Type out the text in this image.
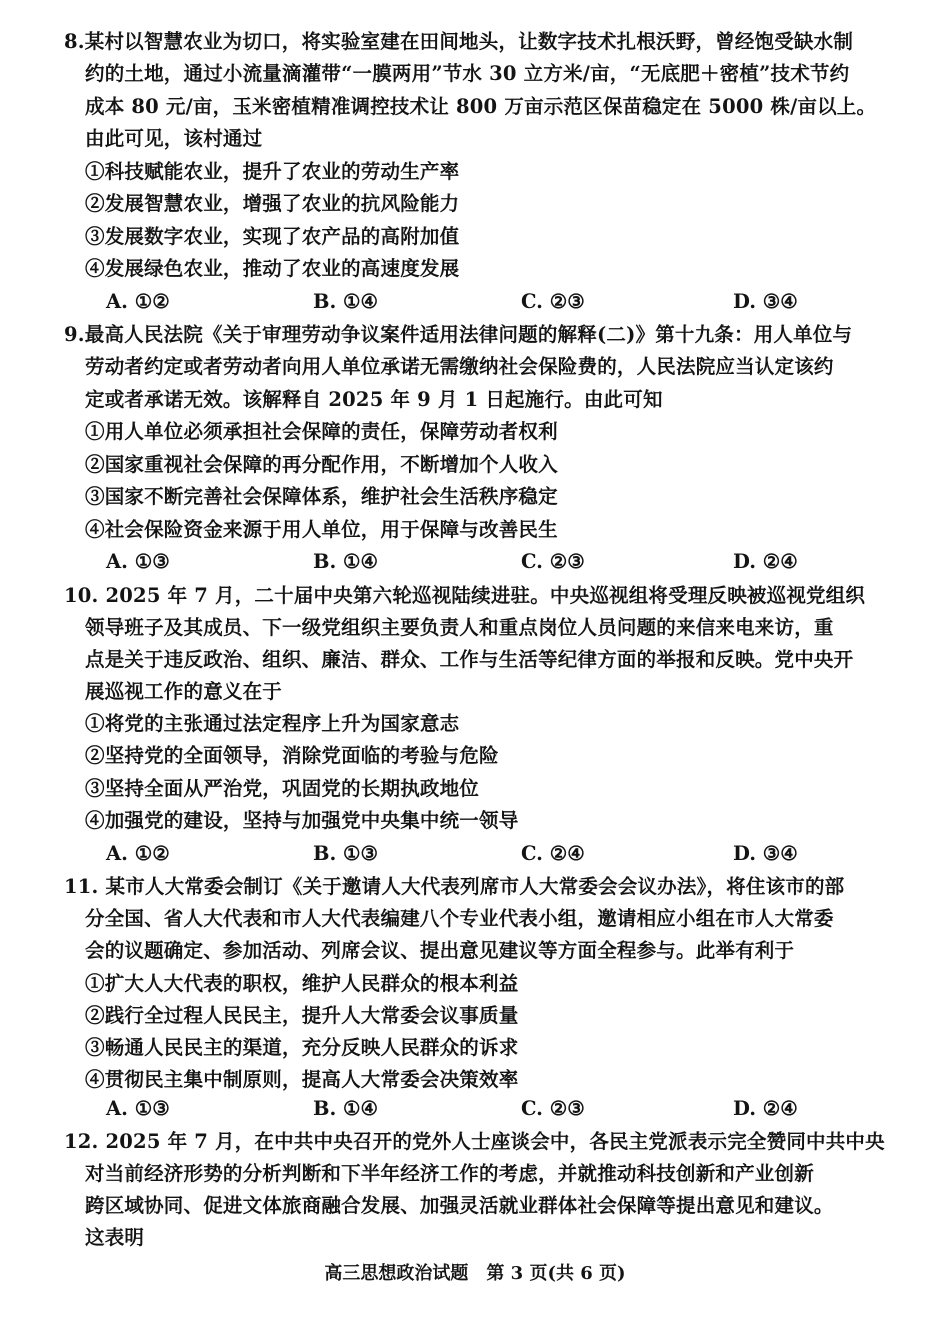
8.某村以智慧农业为切口，将实验室建在田间地头，让数字技术扎根沃野，曾经饱受缺水制
约的土地，通过小流量滴灌带“一膜两用”节水 30 立方米/亩，“无底肥＋密植”技术节约
成本 80 元/亩，玉米密植精准调控技术让 800 万亩示范区保苗稳定在 5000 株/亩以上。
由此可见，该村通过
①科技赋能农业，提升了农业的劳动生产率
②发展智慧农业，增强了农业的抗风险能力
③发展数字农业，实现了农产品的高附加值
④发展绿色农业，推动了农业的高速度发展
A. ①②	B. ①④	C. ②③	D. ③④
9.最高人民法院《关于审理劳动争议案件适用法律问题的解释(二)》第十九条：用人单位与
劳动者约定或者劳动者向用人单位承诺无需缴纳社会保险费的，人民法院应当认定该约
定或者承诺无效。该解释自 2025 年 9 月 1 日起施行。由此可知
①用人单位必须承担社会保障的责任，保障劳动者权利
②国家重视社会保障的再分配作用，不断增加个人收入
③国家不断完善社会保障体系，维护社会生活秩序稳定
④社会保险资金来源于用人单位，用于保障与改善民生
A. ①③	B. ①④	C. ②③	D. ②④
10. 2025 年 7 月，二十届中央第六轮巡视陆续进驻。中央巡视组将受理反映被巡视党组织
领导班子及其成员、下一级党组织主要负责人和重点岗位人员问题的来信来电来访，重
点是关于违反政治、组织、廉洁、群众、工作与生活等纪律方面的举报和反映。党中央开
展巡视工作的意义在于
①将党的主张通过法定程序上升为国家意志
②坚持党的全面领导，消除党面临的考验与危险
③坚持全面从严治党，巩固党的长期执政地位
④加强党的建设，坚持与加强党中央集中统一领导
A. ①②	B. ①③	C. ②④	D. ③④
11. 某市人大常委会制订《关于邀请人大代表列席市人大常委会会议办法》，将住该市的部
分全国、省人大代表和市人大代表编建八个专业代表小组，邀请相应小组在市人大常委
会的议题确定、参加活动、列席会议、提出意见建议等方面全程参与。此举有利于
①扩大人大代表的职权，维护人民群众的根本利益
②践行全过程人民民主，提升人大常委会议事质量
③畅通人民民主的渠道，充分反映人民群众的诉求
④贯彻民主集中制原则，提高人大常委会决策效率
A. ①③	B. ①④	C. ②③	D. ②④
12. 2025 年 7 月，在中共中央召开的党外人士座谈会中，各民主党派表示完全赞同中共中央
对当前经济形势的分析判断和下半年经济工作的考虑，并就推动科技创新和产业创新
跨区域协同、促进文体旅商融合发展、加强灵活就业群体社会保障等提出意见和建议。
这表明
高三思想政治试题　第 3 页(共 6 页)
